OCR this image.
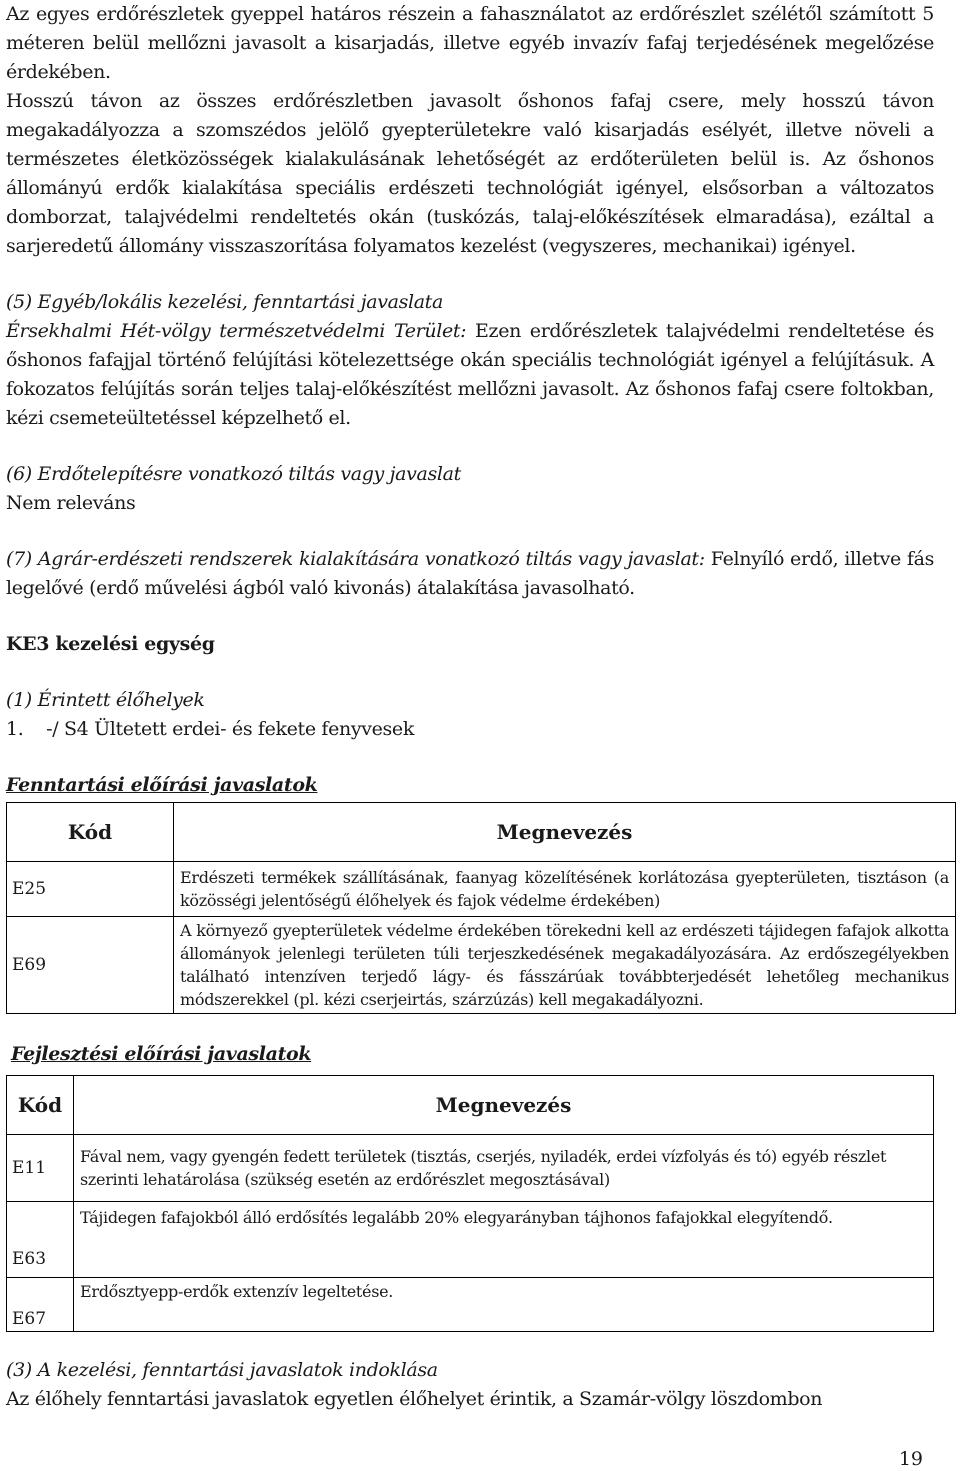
Az egyes erdőrészletek gyeppel határos részein a fahasználatot az erdőrészlet szélétől számított 5 méteren belül mellőzni javasolt a kisarjadás, illetve egyéb invazív fafaj terjedésének megelőzése érdekében.

Hosszú távon az összes erdőrészletben javasolt őshonos fafaj csere, mely hosszú távon megakadályozza a szomszédos jelölő gyepterületekre való kisarjadás esélyét, illetve növeli a természetes életközösségek kialakulásának lehetőségét az erdőterületen belül is. Az őshonos állományú erdők kialakítása speciális erdészeti technológiát igényel, elsősorban a változatos domborzat, talajvédelmi rendeltetés okán (tuskózás, talaj-előkészítések elmaradása), ezáltal a sarjeredetű állomány visszaszorítása folyamatos kezelést (vegyszeres, mechanikai) igényel.

(5) Egyéb/lokális kezelési, fenntartási javaslata
Érsekhalmi Hét-völgy természetvédelmi Terület: Ezen erdőrészletek talajvédelmi rendeltetése és őshonos fafajjal történő felújítási kötelezettsége okán speciális technológiát igényel a felújításuk. A fokozatos felújítás során teljes talaj-előkészítést mellőzni javasolt. Az őshonos fafaj csere foltokban, kézi csemeteültetéssel képzelhető el.

(6) Erdőtelepítésre vonatkozó tiltás vagy javaslat
Nem releváns

(7) Agrár-erdészeti rendszerek kialakítására vonatkozó tiltás vagy javaslat: Felnyíló erdő, illetve fás legelővé (erdő művelési ágból való kivonás) átalakítása javasolható.

KE3 kezelési egység

(1) Érintett élőhelyek
1.    -/ S4 Ültetett erdei- és fekete fenyvesek

Fenntartási előírási javaslatok

Kód	Megnevezés
E25	Erdészeti termékek szállításának, faanyag közelítésének korlátozása gyepterületen, tisztáson (a közösségi jelentőségű élőhelyek és fajok védelme érdekében)
E69	A környező gyepterületek védelme érdekében törekedni kell az erdészeti tájidegen fafajok alkotta állományok jelenlegi területen túli terjeszkedésének megakadályozására. Az erdőszegélyekben található intenzíven terjedő lágy- és fásszárúak továbbterjedését lehetőleg mechanikus módszerekkel (pl. kézi cserjeirtás, szárzúzás) kell megakadályozni.

Fejlesztési előírási javaslatok

Kód	Megnevezés
E11	Fával nem, vagy gyengén fedett területek (tisztás, cserjés, nyiladék, erdei vízfolyás és tó) egyéb részlet szerinti lehatárolása (szükség esetén az erdőrészlet megosztásával)
E63	Tájidegen fafajokból álló erdősítés legalább 20% elegyarányban tájhonos fafajokkal elegyítendő.
E67	Erdősztyepp-erdők extenzív legeltetése.

(3) A kezelési, fenntartási javaslatok indoklása
Az élőhely fenntartási javaslatok egyetlen élőhelyet érintik, a Szamár-völgy löszdombon

19
